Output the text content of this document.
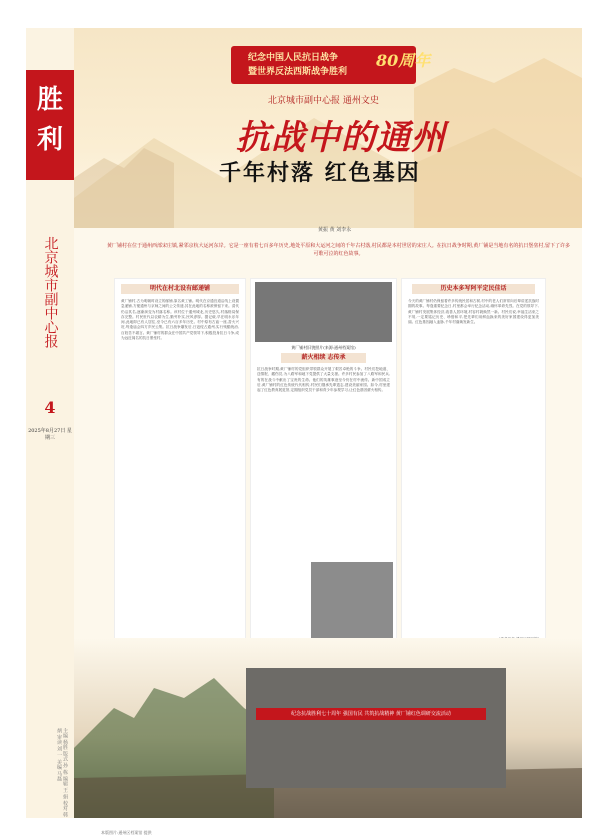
胜 利
北京城市副中心报
4
2025年8月27日 星期三
主编 杨胜 版式 孙 栋 编辑 王 娟 校对 韩 炳 审读 刘 一 美编 马磊
纪念中国人民抗日战争
暨世界反法西斯战争胜利
80周年
北京城市副中心报 通州文史
抗战中的通州
千年村落 红色基因
黄振 黄 刘李永
黄厂铺村在位于通州西部宋庄镇,紧邻京杭大运河东岸。它是一座有着七百多年历史,地处平原和大运河之间的千年古村落,村民都是本村世居的宋庄人。在抗日战争时期,黄厂铺是当地有名的抗日堡垒村,留下了许多可歌可泣的红色故事。
明代在村北设有邮递铺
黄厂铺村,古为明朝时设立的邮铺,原名黄工铺。明代在京通官道沿线上设置急递铺,方便通州与京师之间的公文传递,其在此地的名称被保留下来。清代仍沿其名,逐渐演变为村落名称。该村位于通州城北,历史悠久,村落格局保存完整。村民世代以农耕为生,勤劳朴实,民风淳厚。据记载,早在明永乐年间,此地即已有人居住,至今已有六百多年历史。村中原有古庙一座,香火兴旺,每逢庙会四方乡民云集。抗日战争爆发后,日寇侵占通州,实行残酷统治,百姓苦不堪言。黄厂铺村的群众在中国共产党领导下,积极投身抗日斗争,成为远近闻名的抗日堡垒村。
黄厂铺村旧貌照片(来源:通州档案馆)
薪火相续 志传承
抗日战争时期,黄厂铺村的党组织带领群众开展了艰苦卓绝的斗争。村民们挖地道、送情报、藏伤员,为八路军和地下党提供了大量支援。许多村民参加了八路军和民兵,有的在战斗中献出了宝贵的生命。他们的英雄事迹至今仍在村中流传。新中国成立后,黄厂铺村的红色传统代代相传,村民们继承先辈遗志,建设美丽家园。如今,村里建起了红色教育展览馆,定期组织党员干部和青少年参观学习,让红色基因薪火相传。
历史本多写阿平定民佳话
今天的黄厂铺村仍保留着许多传统民居和古树,村中的老人们常常向后辈讲述抗战时期的故事。每逢重要纪念日,村里都会举行纪念活动,缅怀革命先烈。在党的领导下,黄厂铺村发展集体经济,改善人居环境,村容村貌焕然一新。村民们说,幸福生活来之不易,一定要铭记历史、珍惜和平,把先辈们用鲜血换来的美好家园建设得更加美丽。红色基因融入血脉,千年村落焕发新生。
纪念抗战胜利七十周年 强国有民 共筑抗战精神 黄厂铺红色调研交流活动
本版图片:通州区档案馆 提供
